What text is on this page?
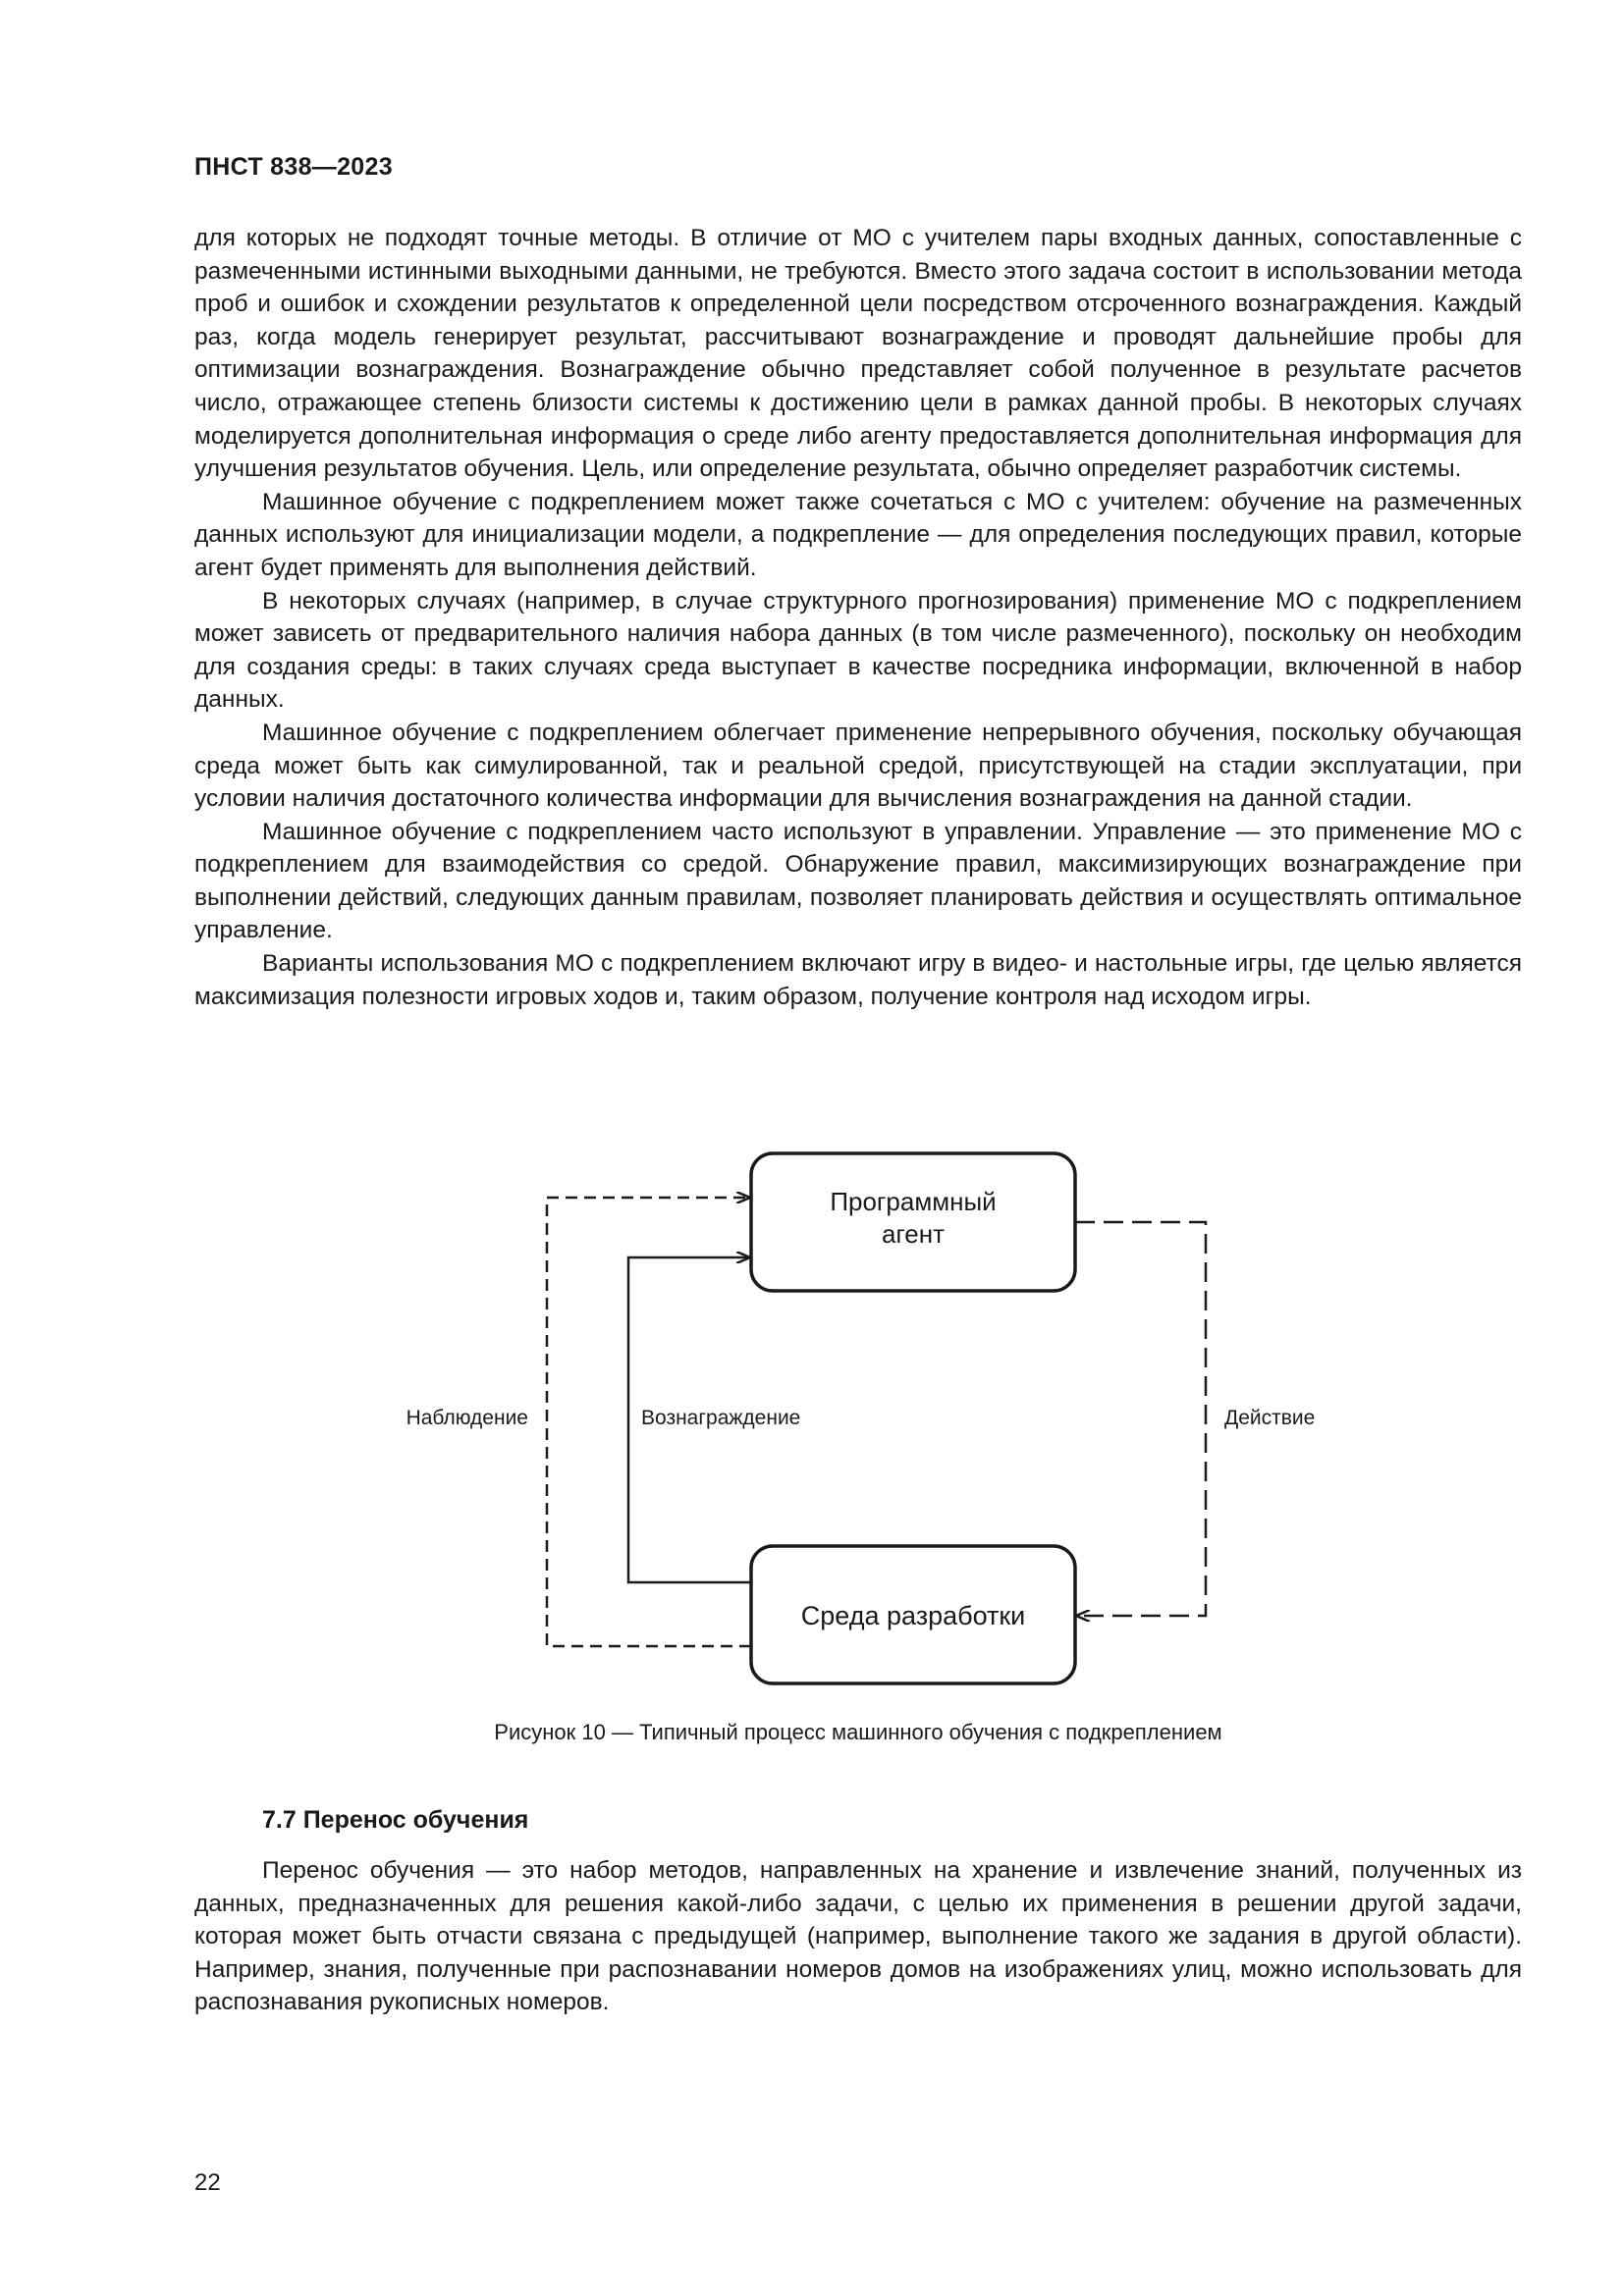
ПНСТ 838—2023

для которых не подходят точные методы. В отличие от МО с учителем пары входных данных, сопоставленные с размеченными истинными выходными данными, не требуются. Вместо этого задача состоит в использовании метода проб и ошибок и схождении результатов к определенной цели посредством отсроченного вознаграждения. Каждый раз, когда модель генерирует результат, рассчитывают вознаграждение и проводят дальнейшие пробы для оптимизации вознаграждения. Вознаграждение обычно представляет собой полученное в результате расчетов число, отражающее степень близости системы к достижению цели в рамках данной пробы. В некоторых случаях моделируется дополнительная информация о среде либо агенту предоставляется дополнительная информация для улучшения результатов обучения. Цель, или определение результата, обычно определяет разработчик системы.

Машинное обучение с подкреплением может также сочетаться с МО с учителем: обучение на размеченных данных используют для инициализации модели, а подкрепление — для определения последующих правил, которые агент будет применять для выполнения действий.

В некоторых случаях (например, в случае структурного прогнозирования) применение МО с подкреплением может зависеть от предварительного наличия набора данных (в том числе размеченного), поскольку он необходим для создания среды: в таких случаях среда выступает в качестве посредника информации, включенной в набор данных.

Машинное обучение с подкреплением облегчает применение непрерывного обучения, поскольку обучающая среда может быть как симулированной, так и реальной средой, присутствующей на стадии эксплуатации, при условии наличия достаточного количества информации для вычисления вознаграждения на данной стадии.

Машинное обучение с подкреплением часто используют в управлении. Управление — это применение МО с подкреплением для взаимодействия со средой. Обнаружение правил, максимизирующих вознаграждение при выполнении действий, следующих данным правилам, позволяет планировать действия и осуществлять оптимальное управление.

Варианты использования МО с подкреплением включают игру в видео- и настольные игры, где целью является максимизация полезности игровых ходов и, таким образом, получение контроля над исходом игры.

Программный
агент
Среда разработки
Наблюдение	Вознаграждение	Действие
Рисунок 10 — Типичный процесс машинного обучения с подкреплением
7.7 Перенос обучения

Перенос обучения — это набор методов, направленных на хранение и извлечение знаний, полученных из данных, предназначенных для решения какой-либо задачи, с целью их применения в решении другой задачи, которая может быть отчасти связана с предыдущей (например, выполнение такого же задания в другой области). Например, знания, полученные при распознавании номеров домов на изображениях улиц, можно использовать для распознавания рукописных номеров.

22
